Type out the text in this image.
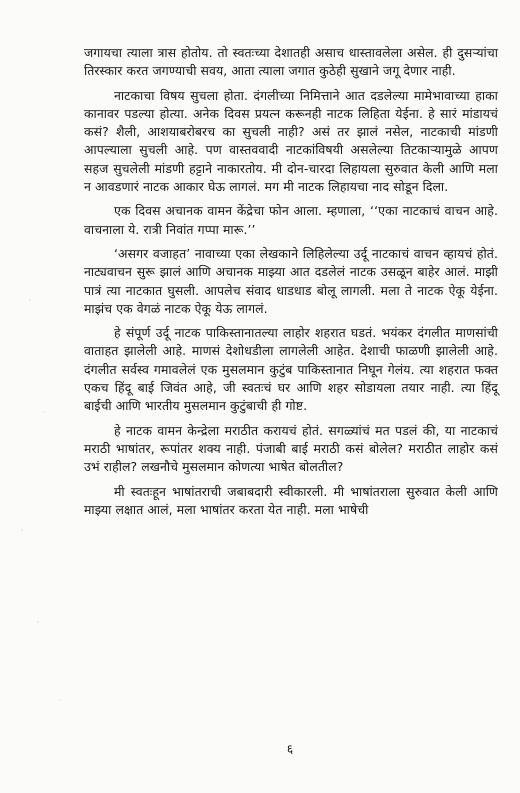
जगायचा त्याला त्रास होतोय. तो स्वतःच्या देशातही असाच धास्तावलेला असेल. ही दुसऱ्यांचा तिरस्कार करत जगण्याची सवय, आता त्याला जगात कुठेही सुखाने जगू देणार नाही.

नाटकाचा विषय सुचला होता. दंगलीच्या निमित्ताने आत दडलेल्या मामेभावाच्या हाका कानावर पडल्या होत्या. अनेक दिवस प्रयत्न करूनही नाटक लिहिता येईना. हे सारं मांडायचं कसं? शैली, आशयाबरोबरच का सुचली नाही? असं तर झालं नसेल, नाटकाची मांडणी आपल्याला सुचली आहे. पण वास्तववादी नाटकांविषयी असलेल्या तिटकाऱ्यामुळे आपण सहज सुचलेली मांडणी हट्टाने नाकारतोय. मी दोन-चारदा लिहायला सुरुवात केली आणि मला न आवडणारं नाटक आकार घेऊ लागलं. मग मी नाटक लिहायचा नाद सोडून दिला.

एक दिवस अचानक वामन केंद्रेचा फोन आला. म्हणाला, ‘‘एका नाटकाचं वाचन आहे. वाचनाला ये. रात्री निवांत गप्पा मारू.’’

‘असगर वजाहत’ नावाच्या एका लेखकाने लिहिलेल्या उर्दू नाटकाचं वाचन व्हायचं होतं. नाट्यवाचन सुरू झालं आणि अचानक माझ्या आत दडलेलं नाटक उसळून बाहेर आलं. माझी पात्रं त्या नाटकात घुसली. आपलेच संवाद धाडधाड बोलू लागली. मला ते नाटक ऐकू येईना. माझंच एक वेगळं नाटक ऐकू येऊ लागलं.

हे संपूर्ण उर्दू नाटक पाकिस्तानातल्या लाहोर शहरात घडतं. भयंकर दंगलीत माणसांची वाताहत झालेली आहे. माणसं देशोधडीला लागलेली आहेत. देशाची फाळणी झालेली आहे. दंगलीत सर्वस्व गमावलेलं एक मुसलमान कुटुंब पाकिस्तानात निघून गेलंय. त्या शहरात फक्त एकच हिंदू बाई जिवंत आहे, जी स्वतःचं घर आणि शहर सोडायला तयार नाही. त्या हिंदू बाईची आणि भारतीय मुसलमान कुटुंबाची ही गोष्ट.

हे नाटक वामन केन्द्रेला मराठीत करायचं होतं. सगळ्यांचं मत पडलं की, या नाटकाचं मराठी भाषांतर, रूपांतर शक्य नाही. पंजाबी बाई मराठी कसं बोलेल? मराठीत लाहोर कसं उभं राहील? लखनौचे मुसलमान कोणत्या भाषेत बोलतील?

मी स्वतःहून भाषांतराची जबाबदारी स्वीकारली. मी भाषांतराला सुरुवात केली आणि माझ्या लक्षात आलं, मला भाषांतर करता येत नाही. मला भाषेची

६
